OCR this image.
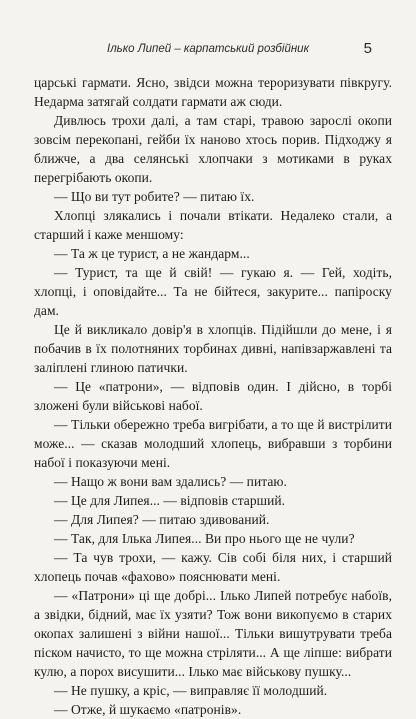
Ількo Липей – карпатський розбійник	5

царські гармати. Ясно, звідси можна тероризувати півкругу. Недарма затягай солдати гармати аж сюди.

Дивлюсь трохи далі, а там старі, травою зарослі окопи зовсім перекопані, гейби їх наново хтось порив. Підходжу я ближче, а два селянські хлопчаки з мотиками в руках перегрібають окопи.

— Що ви тут робите? — питаю їх.

Хлопці злякались і почали втікати. Недалеко стали, а старший і каже меншому:

— Та ж це турист, а не жандарм...

— Турист, та ще й свій! — гукаю я. — Гей, ходіть, хлопці, і оповідайте... Та не бійтеся, закурите... папіроску дам.

Це й викликало довір'я в хлопців. Підійшли до мене, і я побачив в їх полотняних торбинах дивні, напівзаржавлені та заліплені глиною патички.

— Це «патрони», — відповів один. І дійсно, в торбі зложені були військові набої.

— Тільки обережно треба вигрібати, а то ще й вистрілити може... — сказав молодший хлопець, вибравши з торбини набої і показуючи мені.

— Нащо ж вони вам здались? — питаю.

— Це для Липея... — відповів старший.

— Для Липея? — питаю здивований.

— Так, для Ілька Липея... Ви про нього ще не чули?

— Та чув трохи, — кажу. Сів собі біля них, і старший хлопець почав «фахово» пояснювати мені.

— «Патрони» ці ще добрі... Ілько Липей потребує набоїв, а звідки, бідний, має їх узяти? Тож вони викопуємо в старих окопах залишені з війни нашої... Тільки вишутрувати треба піском начисто, то ще можна стріляти... А ще ліпше: вибрати кулю, а порох висушити... Ілько має військову пушку...

— Не пушку, а кріс, — виправляє її молодший.

— Отже, й шукаємо «патронів».
